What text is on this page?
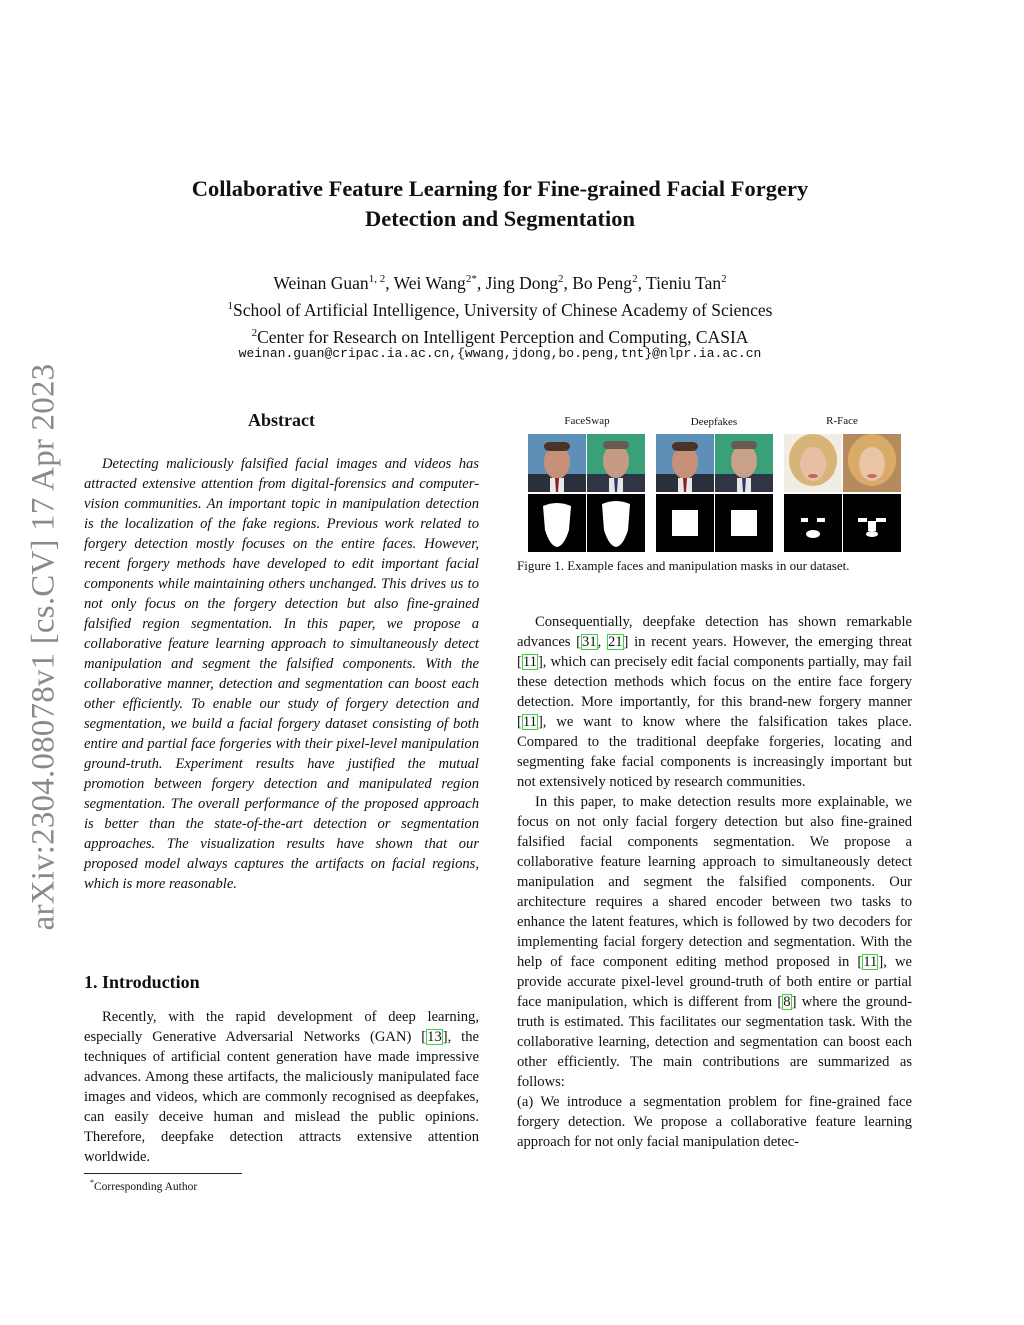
arXiv:2304.08078v1 [cs.CV] 17 Apr 2023
Collaborative Feature Learning for Fine-grained Facial Forgery
Detection and Segmentation
Weinan Guan$^{1, 2}$, Wei Wang$^{2*}$, Jing Dong$^2$, Bo Peng$^2$, Tieniu Tan$^2$
$^1$School of Artificial Intelligence, University of Chinese Academy of Sciences
$^2$Center for Research on Intelligent Perception and Computing, CASIA
weinan.guan@cripac.ia.ac.cn,{wwang,jdong,bo.peng,tnt}@nlpr.ia.ac.cn
Abstract

Detecting maliciously falsified facial images and videos has attracted extensive attention from digital-forensics and computer-vision communities. An important topic in manipulation detection is the localization of the fake regions. Previous work related to forgery detection mostly focuses on the entire faces. However, recent forgery methods have developed to edit important facial components while maintaining others unchanged. This drives us to not only focus on the forgery detection but also fine-grained falsified region segmentation. In this paper, we propose a collaborative feature learning approach to simultaneously detect manipulation and segment the falsified components. With the collaborative manner, detection and segmentation can boost each other efficiently. To enable our study of forgery detection and segmentation, we build a facial forgery dataset consisting of both entire and partial face forgeries with their pixel-level manipulation ground-truth. Experiment results have justified the mutual promotion between forgery detection and manipulated region segmentation. The overall performance of the proposed approach is better than the state-of-the-art detection or segmentation approaches. The visualization results have shown that our proposed model always captures the artifacts on facial regions, which is more reasonable.

1. Introduction

Recently, with the rapid development of deep learning, especially Generative Adversarial Networks (GAN) [13], the techniques of artificial content generation have made impressive advances. Among these artifacts, the maliciously manipulated face images and videos, which are commonly recognised as deepfakes, can easily deceive human and mislead the public opinions. Therefore, deepfake detection attracts extensive attention worldwide.

*Corresponding Author
FaceSwap	Deepfakes	R-Face
Figure 1. Example faces and manipulation masks in our dataset.

Consequentially, deepfake detection has shown remarkable advances [31, 21] in recent years. However, the emerging threat [11], which can precisely edit facial components partially, may fail these detection methods which focus on the entire face forgery detection. More importantly, for this brand-new forgery manner [11], we want to know where the falsification takes place. Compared to the traditional deepfake forgeries, locating and segmenting fake facial components is increasingly important but not extensively noticed by research communities.

In this paper, to make detection results more explainable, we focus on not only facial forgery detection but also fine-grained falsified facial components segmentation. We propose a collaborative feature learning approach to simultaneously detect manipulation and segment the falsified components. Our architecture requires a shared encoder between two tasks to enhance the latent features, which is followed by two decoders for implementing facial forgery detection and segmentation. With the help of face component editing method proposed in [11], we provide accurate pixel-level ground-truth of both entire or partial face manipulation, which is different from [8] where the ground-truth is estimated. This facilitates our segmentation task. With the collaborative learning, detection and segmentation can boost each other efficiently. The main contributions are summarized as follows:

(a) We introduce a segmentation problem for fine-grained face forgery detection. We propose a collaborative feature learning approach for not only facial manipulation detec-
